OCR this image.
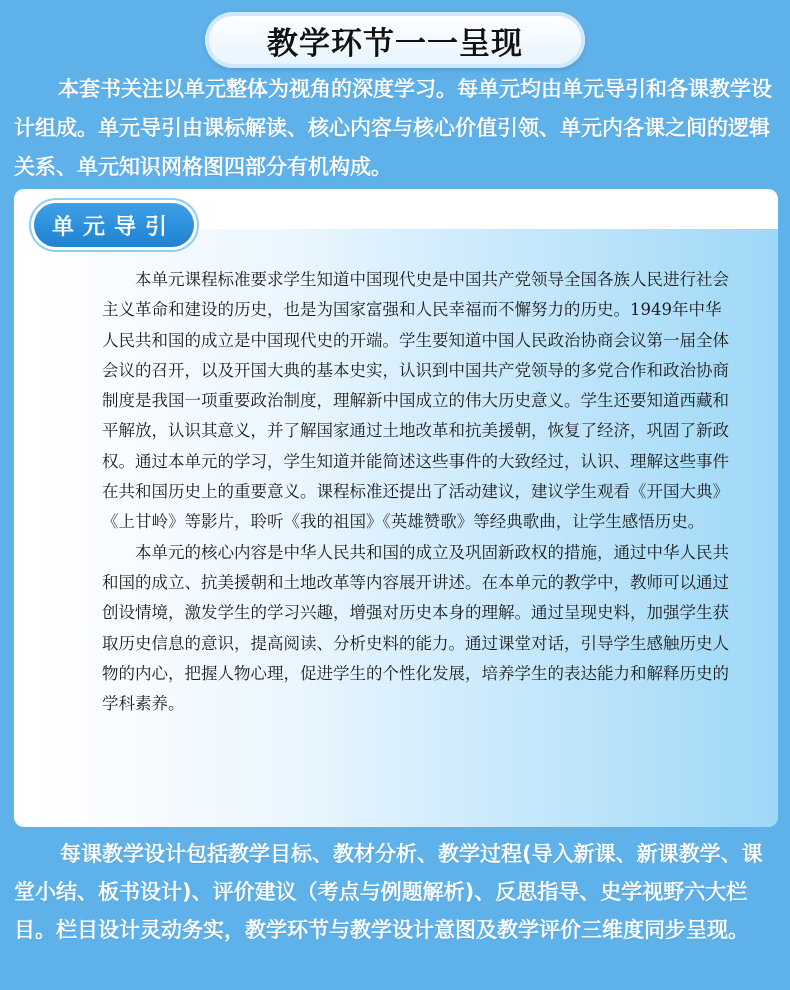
教学环节一一呈现
本套书关注以单元整体为视角的深度学习。每单元均由单元导引和各课教学设计组成。单元导引由课标解读、核心内容与核心价值引领、单元内各课之间的逻辑关系、单元知识网格图四部分有机构成。
单元导引

本单元课程标准要求学生知道中国现代史是中国共产党领导全国各族人民进行社会主义革命和建设的历史，也是为国家富强和人民幸福而不懈努力的历史。1949年中华人民共和国的成立是中国现代史的开端。学生要知道中国人民政治协商会议第一届全体会议的召开，以及开国大典的基本史实，认识到中国共产党领导的多党合作和政治协商制度是我国一项重要政治制度，理解新中国成立的伟大历史意义。学生还要知道西藏和平解放，认识其意义，并了解国家通过土地改革和抗美援朝，恢复了经济，巩固了新政权。通过本单元的学习，学生知道并能简述这些事件的大致经过，认识、理解这些事件在共和国历史上的重要意义。课程标准还提出了活动建议，建议学生观看《开国大典》《上甘岭》等影片，聆听《我的祖国》《英雄赞歌》等经典歌曲，让学生感悟历史。

本单元的核心内容是中华人民共和国的成立及巩固新政权的措施，通过中华人民共和国的成立、抗美援朝和土地改革等内容展开讲述。在本单元的教学中，教师可以通过创设情境，激发学生的学习兴趣，增强对历史本身的理解。通过呈现史料，加强学生获取历史信息的意识，提高阅读、分析史料的能力。通过课堂对话，引导学生感触历史人物的内心，把握人物心理，促进学生的个性化发展，培养学生的表达能力和解释历史的学科素养。

每课教学设计包括教学目标、教材分析、教学过程(导入新课、新课教学、课堂小结、板书设计)、评价建议（考点与例题解析)、反思指导、史学视野六大栏目。栏目设计灵动务实，教学环节与教学设计意图及教学评价三维度同步呈现。
